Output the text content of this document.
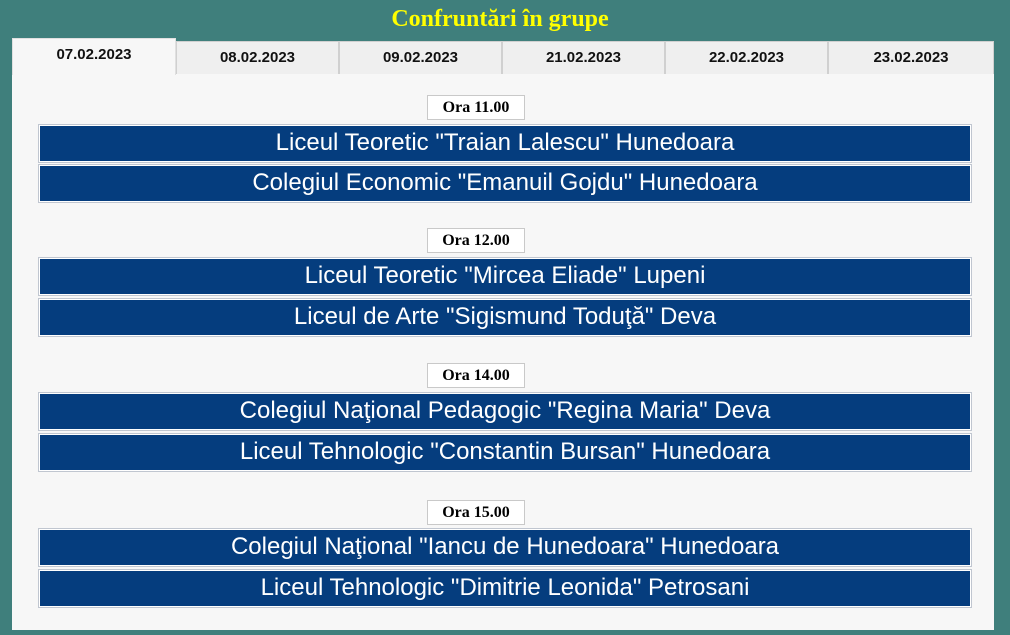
Confruntări în grupe
07.02.2023	08.02.2023	09.02.2023	21.02.2023	22.02.2023	23.02.2023
Ora 11.00
Liceul Teoretic "Traian Lalescu" Hunedoara
Colegiul Economic "Emanuil Gojdu" Hunedoara
Ora 12.00
Liceul Teoretic "Mircea Eliade" Lupeni
Liceul de Arte "Sigismund Toduţă" Deva
Ora 14.00
Colegiul Naţional Pedagogic "Regina Maria" Deva
Liceul Tehnologic "Constantin Bursan" Hunedoara
Ora 15.00
Colegiul Naţional "Iancu de Hunedoara" Hunedoara
Liceul Tehnologic "Dimitrie Leonida" Petrosani
